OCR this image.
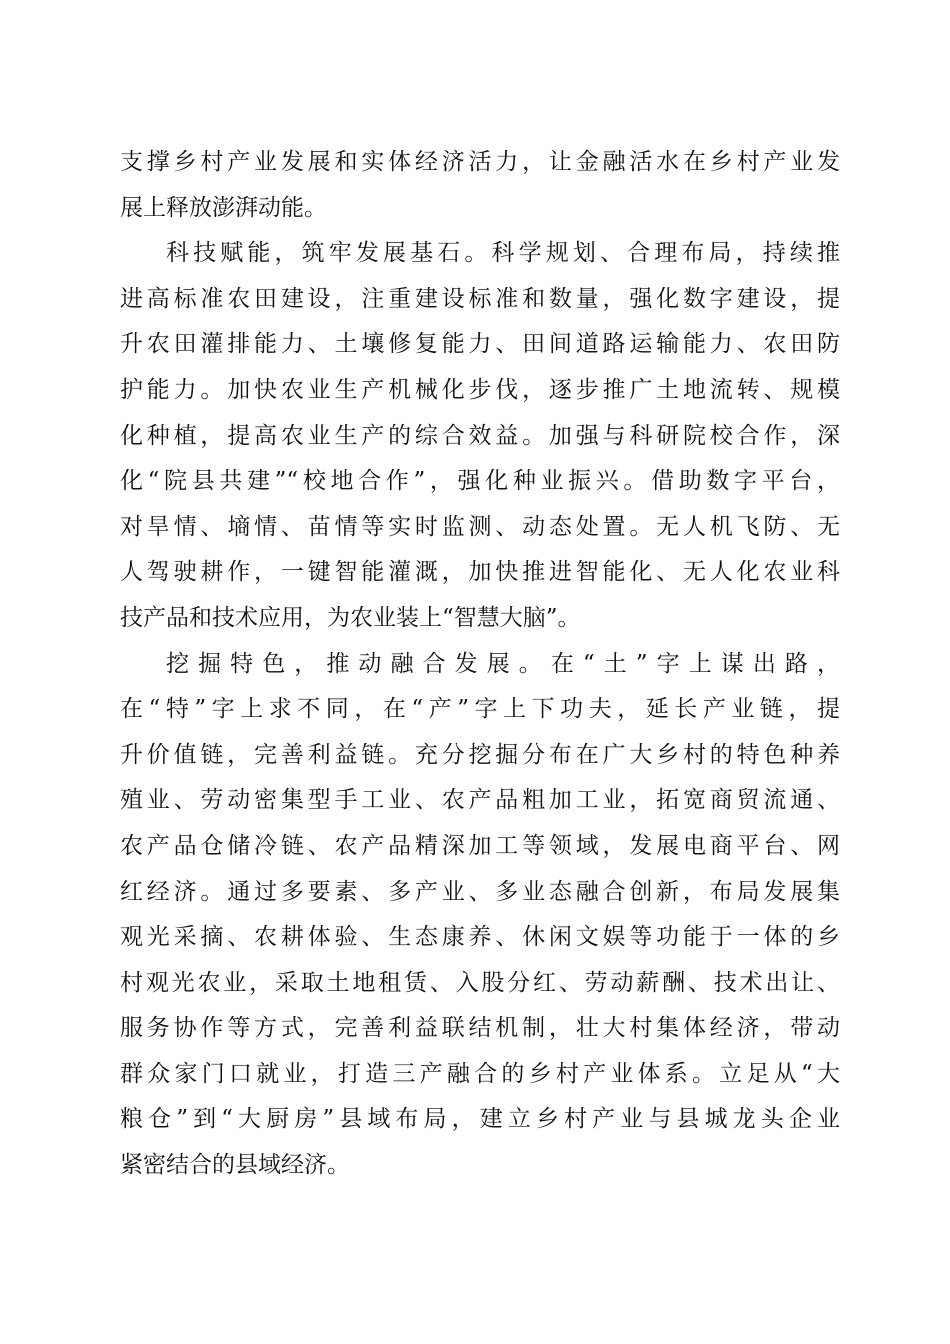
支撑乡村产业发展和实体经济活力，让金融活水在乡村产业发
展上释放澎湃动能。
科技赋能，筑牢发展基石。科学规划、合理布局，持续推
进高标准农田建设，注重建设标准和数量，强化数字建设，提
升农田灌排能力、土壤修复能力、田间道路运输能力、农田防
护能力。加快农业生产机械化步伐，逐步推广土地流转、规模
化种植，提高农业生产的综合效益。加强与科研院校合作，深
化“院县共建”“校地合作”，强化种业振兴。借助数字平台，
对旱情、墒情、苗情等实时监测、动态处置。无人机飞防、无
人驾驶耕作，一键智能灌溉，加快推进智能化、无人化农业科
技产品和技术应用，为农业装上“智慧大脑”。
挖掘特色，推动融合发展。在“土”字上谋出路，
在“特”字上求不同，在“产”字上下功夫，延长产业链，提
升价值链，完善利益链。充分挖掘分布在广大乡村的特色种养
殖业、劳动密集型手工业、农产品粗加工业，拓宽商贸流通、
农产品仓储冷链、农产品精深加工等领域，发展电商平台、网
红经济。通过多要素、多产业、多业态融合创新，布局发展集
观光采摘、农耕体验、生态康养、休闲文娱等功能于一体的乡
村观光农业，采取土地租赁、入股分红、劳动薪酬、技术出让、
服务协作等方式，完善利益联结机制，壮大村集体经济，带动
群众家门口就业，打造三产融合的乡村产业体系。立足从“大
粮仓”到“大厨房”县域布局，建立乡村产业与县城龙头企业
紧密结合的县域经济。
